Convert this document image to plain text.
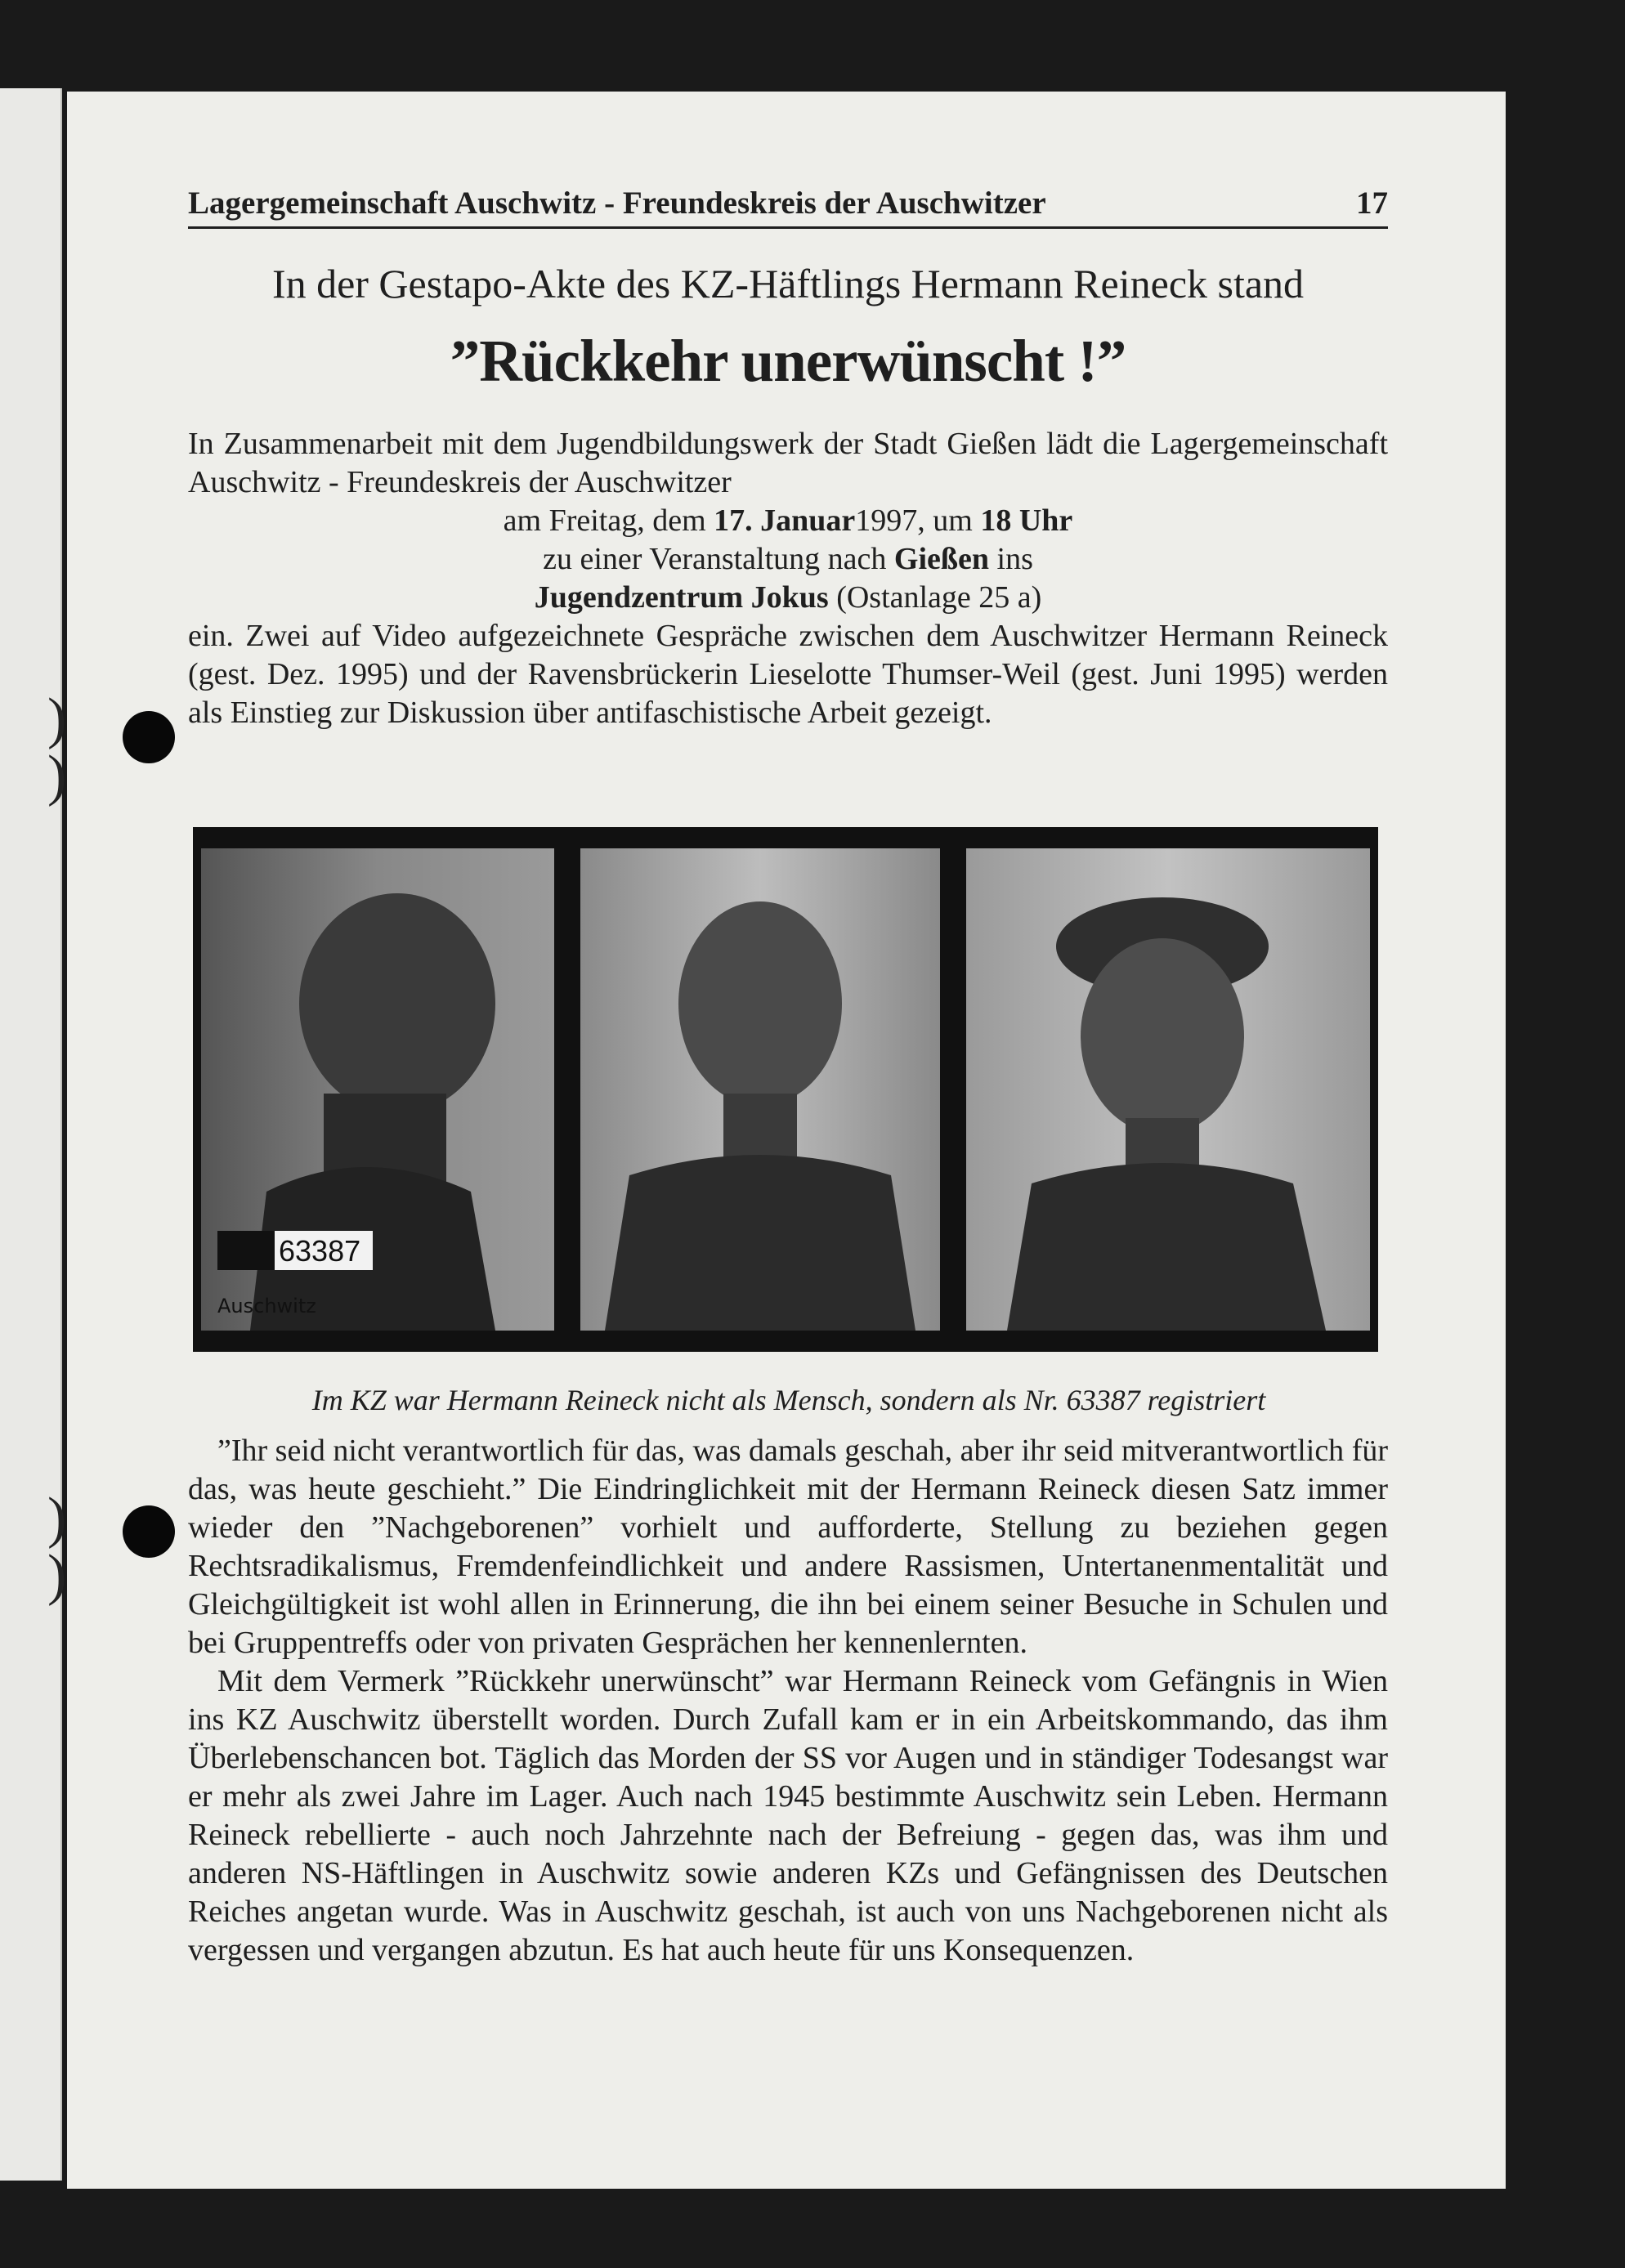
)
)
)
)
Lagergemeinschaft Auschwitz - Freundeskreis der Auschwitzer	17
In der Gestapo-Akte des KZ-Häftlings Hermann Reineck stand
”Rückkehr unerwünscht !”

In Zusammenarbeit mit dem Jugendbildungswerk der Stadt Gießen lädt die Lagergemeinschaft Auschwitz - Freundeskreis der Auschwitzer

am Freitag, dem 17. Januar1997, um 18 Uhr
zu einer Veranstaltung nach Gießen ins
Jugendzentrum Jokus (Ostanlage 25 a)

ein. Zwei auf Video aufgezeichnete Gespräche zwischen dem Auschwitzer Hermann Reineck (gest. Dez. 1995) und der Ravensbrückerin Lieselotte Thumser-Weil (gest. Juni 1995) werden als Einstieg zur Diskussion über antifaschistische Arbeit gezeigt.

63387
Auschwitz
Im KZ war Hermann Reineck nicht als Mensch, sondern als Nr. 63387 registriert

”Ihr seid nicht verantwortlich für das, was damals geschah, aber ihr seid mitverantwortlich für das, was heute geschieht.” Die Eindringlichkeit mit der Hermann Reineck diesen Satz immer wieder den ”Nachgeborenen” vorhielt und aufforderte, Stellung zu beziehen gegen Rechtsradikalismus, Fremdenfeindlichkeit und andere Rassismen, Untertanenmentalität und Gleichgültigkeit ist wohl allen in Erinnerung, die ihn bei einem seiner Besuche in Schulen und bei Gruppentreffs oder von privaten Gesprächen her kennenlernten.

Mit dem Vermerk ”Rückkehr unerwünscht” war Hermann Reineck vom Gefängnis in Wien ins KZ Auschwitz überstellt worden. Durch Zufall kam er in ein Arbeitskommando, das ihm Überlebenschancen bot. Täglich das Morden der SS vor Augen und in ständiger Todesangst war er mehr als zwei Jahre im Lager. Auch nach 1945 bestimmte Auschwitz sein Leben. Hermann Reineck rebellierte - auch noch Jahrzehnte nach der Befreiung - gegen das, was ihm und anderen NS-Häftlingen in Auschwitz sowie anderen KZs und Gefängnissen des Deutschen Reiches angetan wurde. Was in Auschwitz geschah, ist auch von uns Nachgeborenen nicht als vergessen und vergangen abzutun. Es hat auch heute für uns Konsequenzen.
